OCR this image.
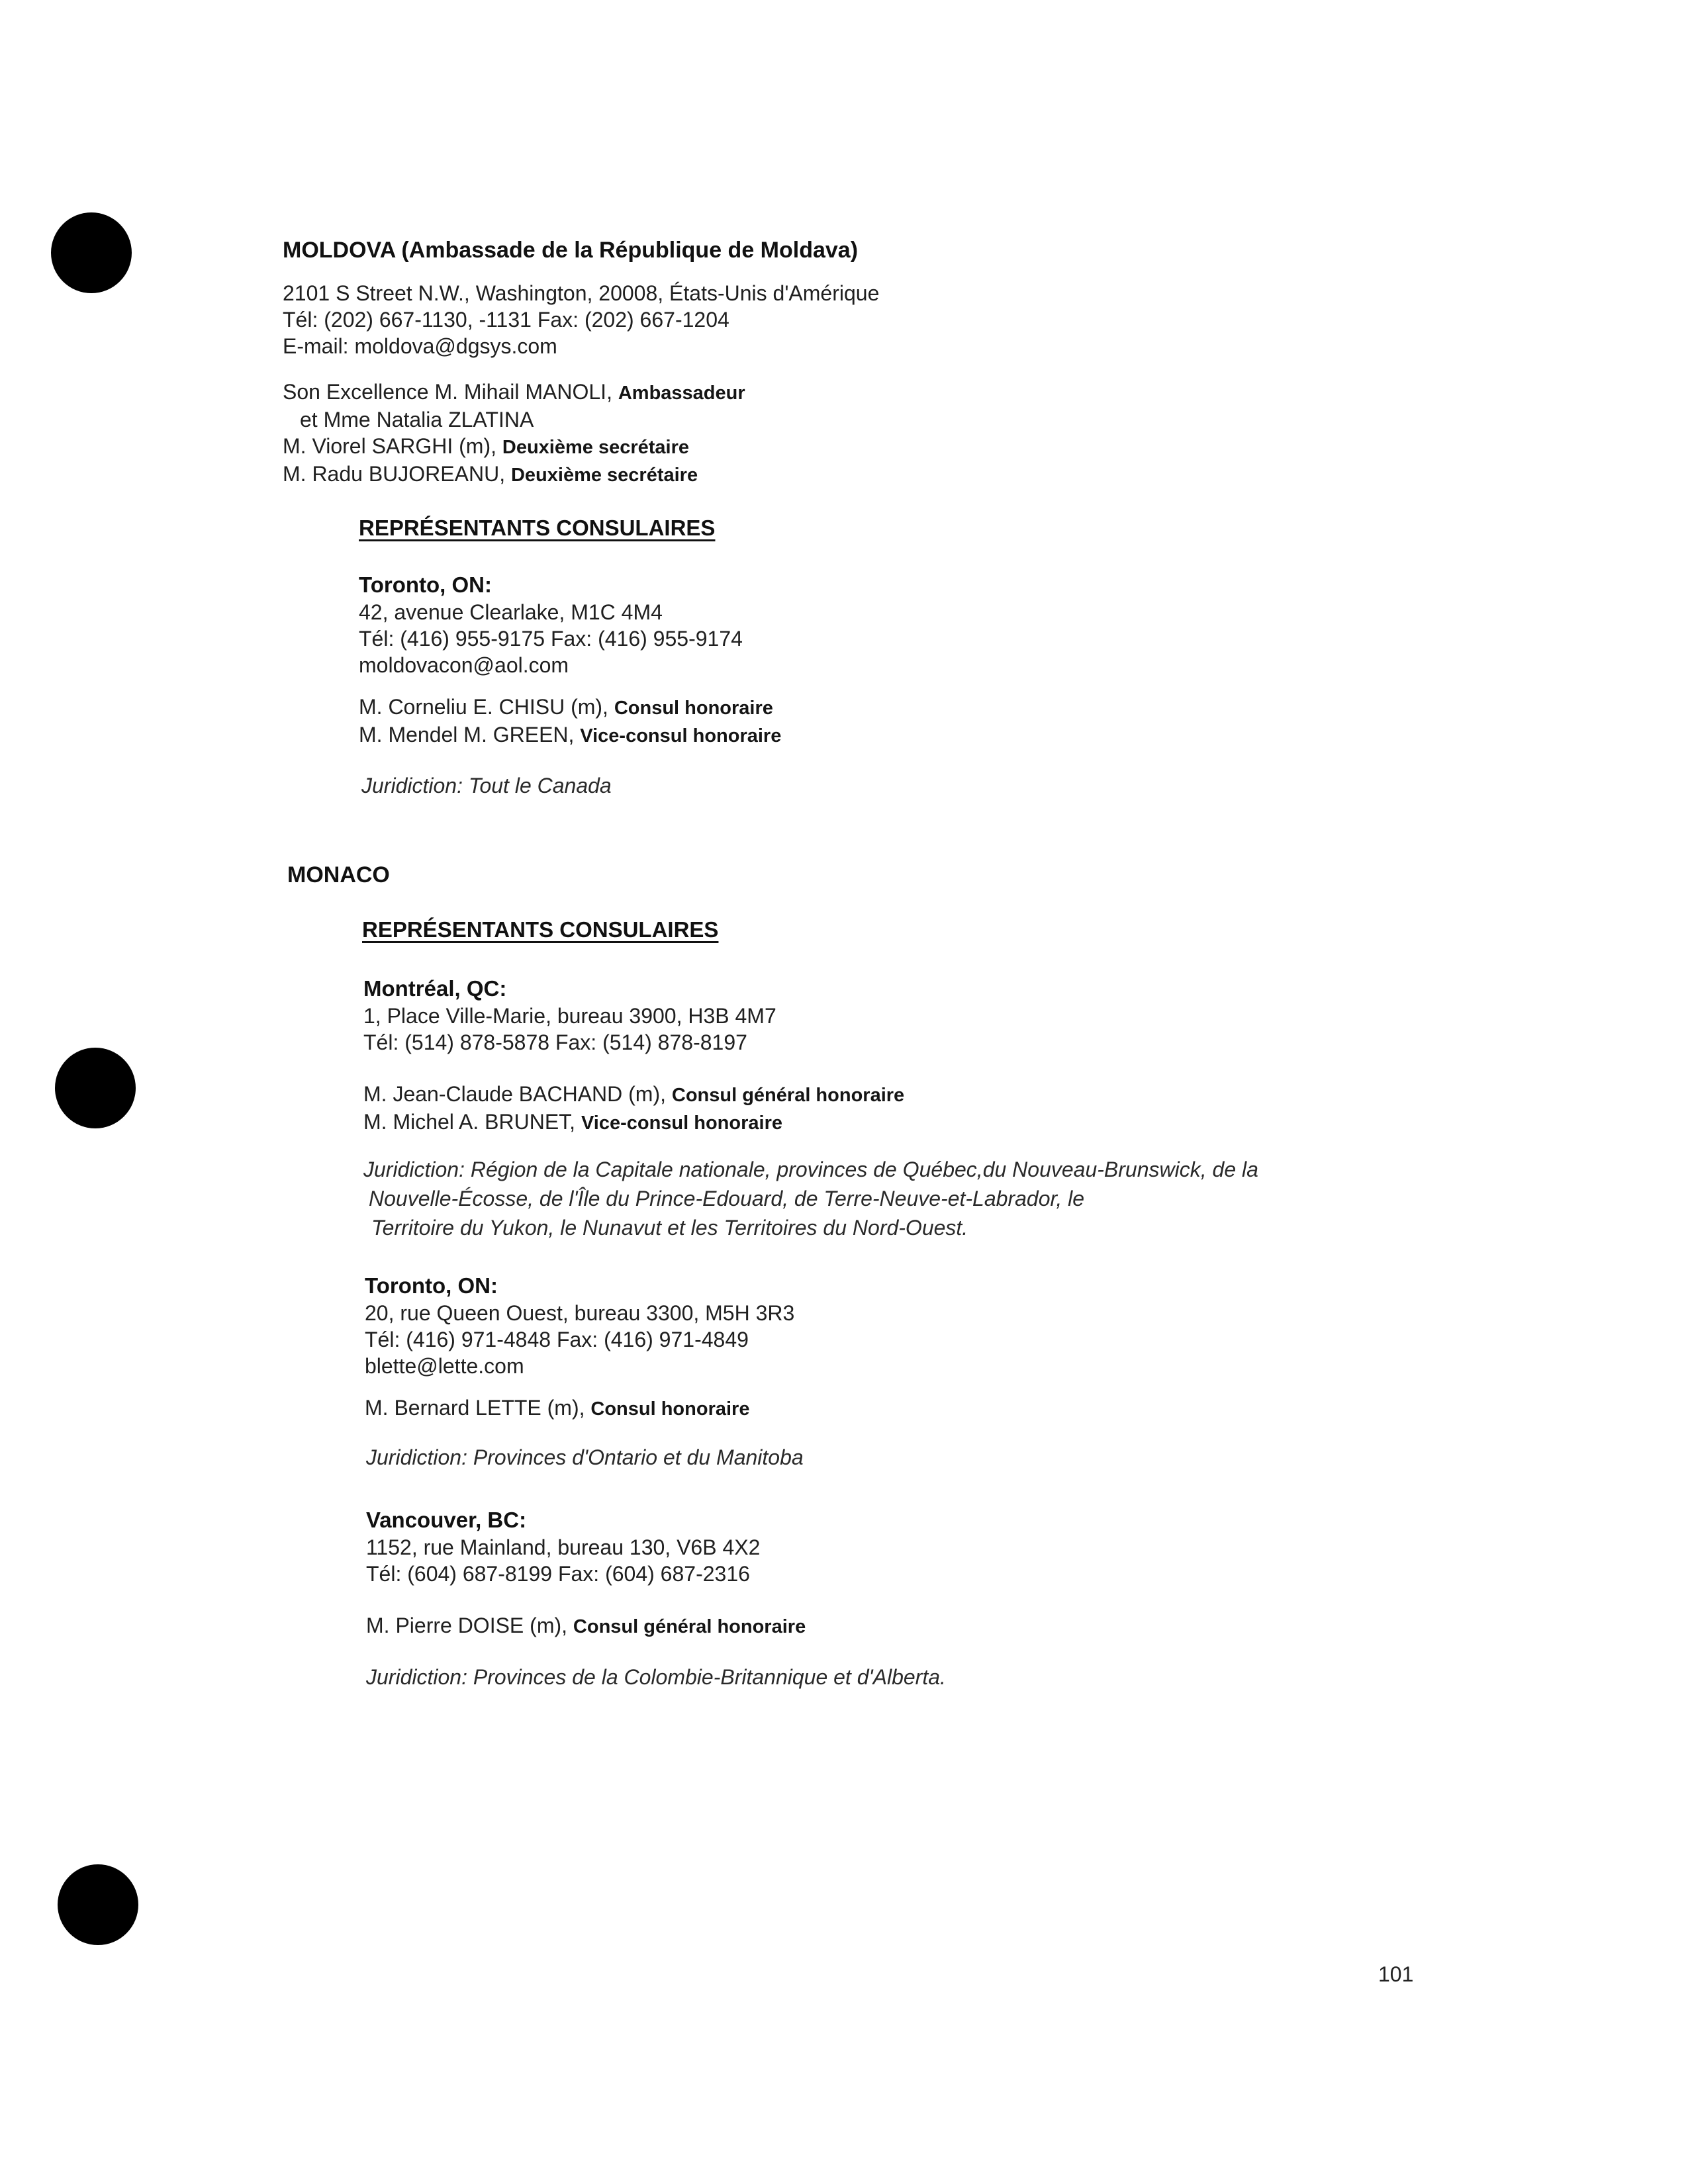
MOLDOVA (Ambassade de la République de Moldava)
2101 S Street N.W., Washington, 20008, États-Unis d'Amérique
Tél: (202) 667-1130, -1131 Fax: (202) 667-1204
E-mail: moldova@dgsys.com
Son Excellence M. Mihail MANOLI, Ambassadeur
et Mme Natalia ZLATINA
M. Viorel SARGHI (m), Deuxième secrétaire
M. Radu BUJOREANU, Deuxième secrétaire
REPRÉSENTANTS CONSULAIRES
Toronto, ON:
42, avenue Clearlake, M1C 4M4
Tél: (416) 955-9175 Fax: (416) 955-9174
moldovacon@aol.com
M. Corneliu E. CHISU (m), Consul honoraire
M. Mendel M. GREEN, Vice-consul honoraire
Juridiction: Tout le Canada
MONACO
REPRÉSENTANTS CONSULAIRES
Montréal, QC:
1, Place Ville-Marie, bureau 3900, H3B 4M7
Tél: (514) 878-5878 Fax: (514) 878-8197
M. Jean-Claude BACHAND (m), Consul général honoraire
M. Michel A. BRUNET, Vice-consul honoraire
Juridiction: Région de la Capitale nationale, provinces de Québec,du Nouveau-Brunswick, de la
Nouvelle-Écosse, de l'Île du Prince-Edouard, de Terre-Neuve-et-Labrador, le
Territoire du Yukon, le Nunavut et les Territoires du Nord-Ouest.
Toronto, ON:
20, rue Queen Ouest, bureau 3300, M5H 3R3
Tél: (416) 971-4848 Fax: (416) 971-4849
blette@lette.com
M. Bernard LETTE (m), Consul honoraire
Juridiction: Provinces d'Ontario et du Manitoba
Vancouver, BC:
1152, rue Mainland, bureau 130, V6B 4X2
Tél: (604) 687-8199 Fax: (604) 687-2316
M. Pierre DOISE (m), Consul général honoraire
Juridiction: Provinces de la Colombie-Britannique et d'Alberta.
101
